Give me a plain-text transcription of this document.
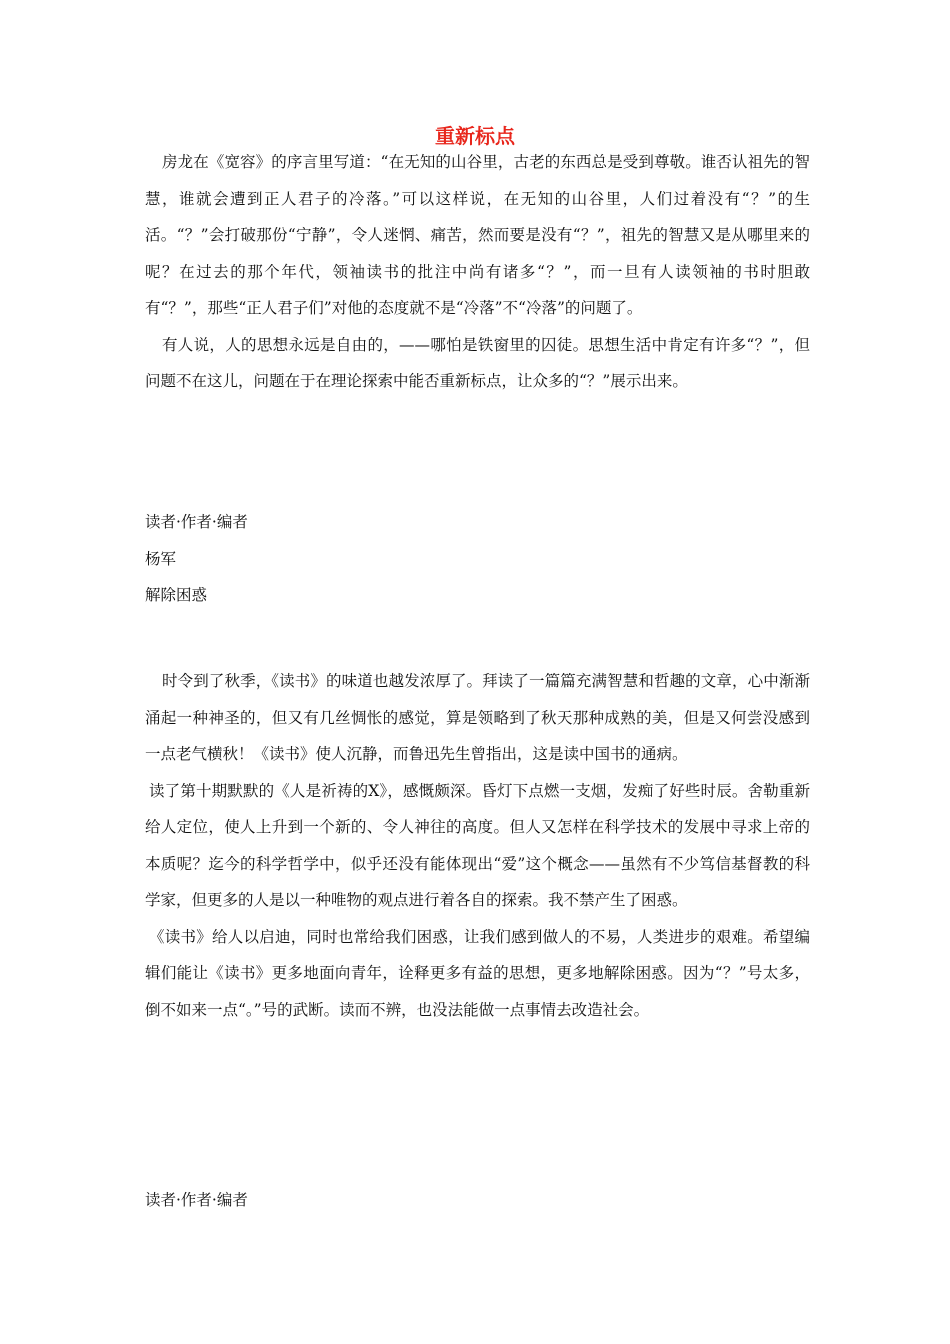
重新标点

房龙在《宽容》的序言里写道：“在无知的山谷里，古老的东西总是受到尊敬。谁否认祖先的智慧，谁就会遭到正人君子的冷落。”可以这样说，在无知的山谷里，人们过着没有“？”的生活。“？”会打破那份“宁静”，令人迷惘、痛苦，然而要是没有“？”，祖先的智慧又是从哪里来的呢？在过去的那个年代，领袖读书的批注中尚有诸多“？”，而一旦有人读领袖的书时胆敢有“？”，那些“正人君子们”对他的态度就不是“冷落”不“冷落”的问题了。

有人说，人的思想永远是自由的，——哪怕是铁窗里的囚徒。思想生活中肯定有许多“？”，但问题不在这儿，问题在于在理论探索中能否重新标点，让众多的“？”展示出来。

读者·作者·编者
杨军
解除困惑

时令到了秋季，《读书》的味道也越发浓厚了。拜读了一篇篇充满智慧和哲趣的文章，心中渐渐涌起一种神圣的，但又有几丝惆怅的感觉，算是领略到了秋天那种成熟的美，但是又何尝没感到一点老气横秋！《读书》使人沉静，而鲁迅先生曾指出，这是读中国书的通病。

读了第十期默默的《人是祈祷的X》，感慨颇深。昏灯下点燃一支烟，发痴了好些时辰。舍勒重新给人定位，使人上升到一个新的、令人神往的高度。但人又怎样在科学技术的发展中寻求上帝的本质呢？迄今的科学哲学中，似乎还没有能体现出“爱”这个概念——虽然有不少笃信基督教的科学家，但更多的人是以一种唯物的观点进行着各自的探索。我不禁产生了困惑。

《读书》给人以启迪，同时也常给我们困惑，让我们感到做人的不易，人类进步的艰难。希望编辑们能让《读书》更多地面向青年，诠释更多有益的思想，更多地解除困惑。因为“？”号太多，倒不如来一点“。”号的武断。读而不辨，也没法能做一点事情去改造社会。

读者·作者·编者
